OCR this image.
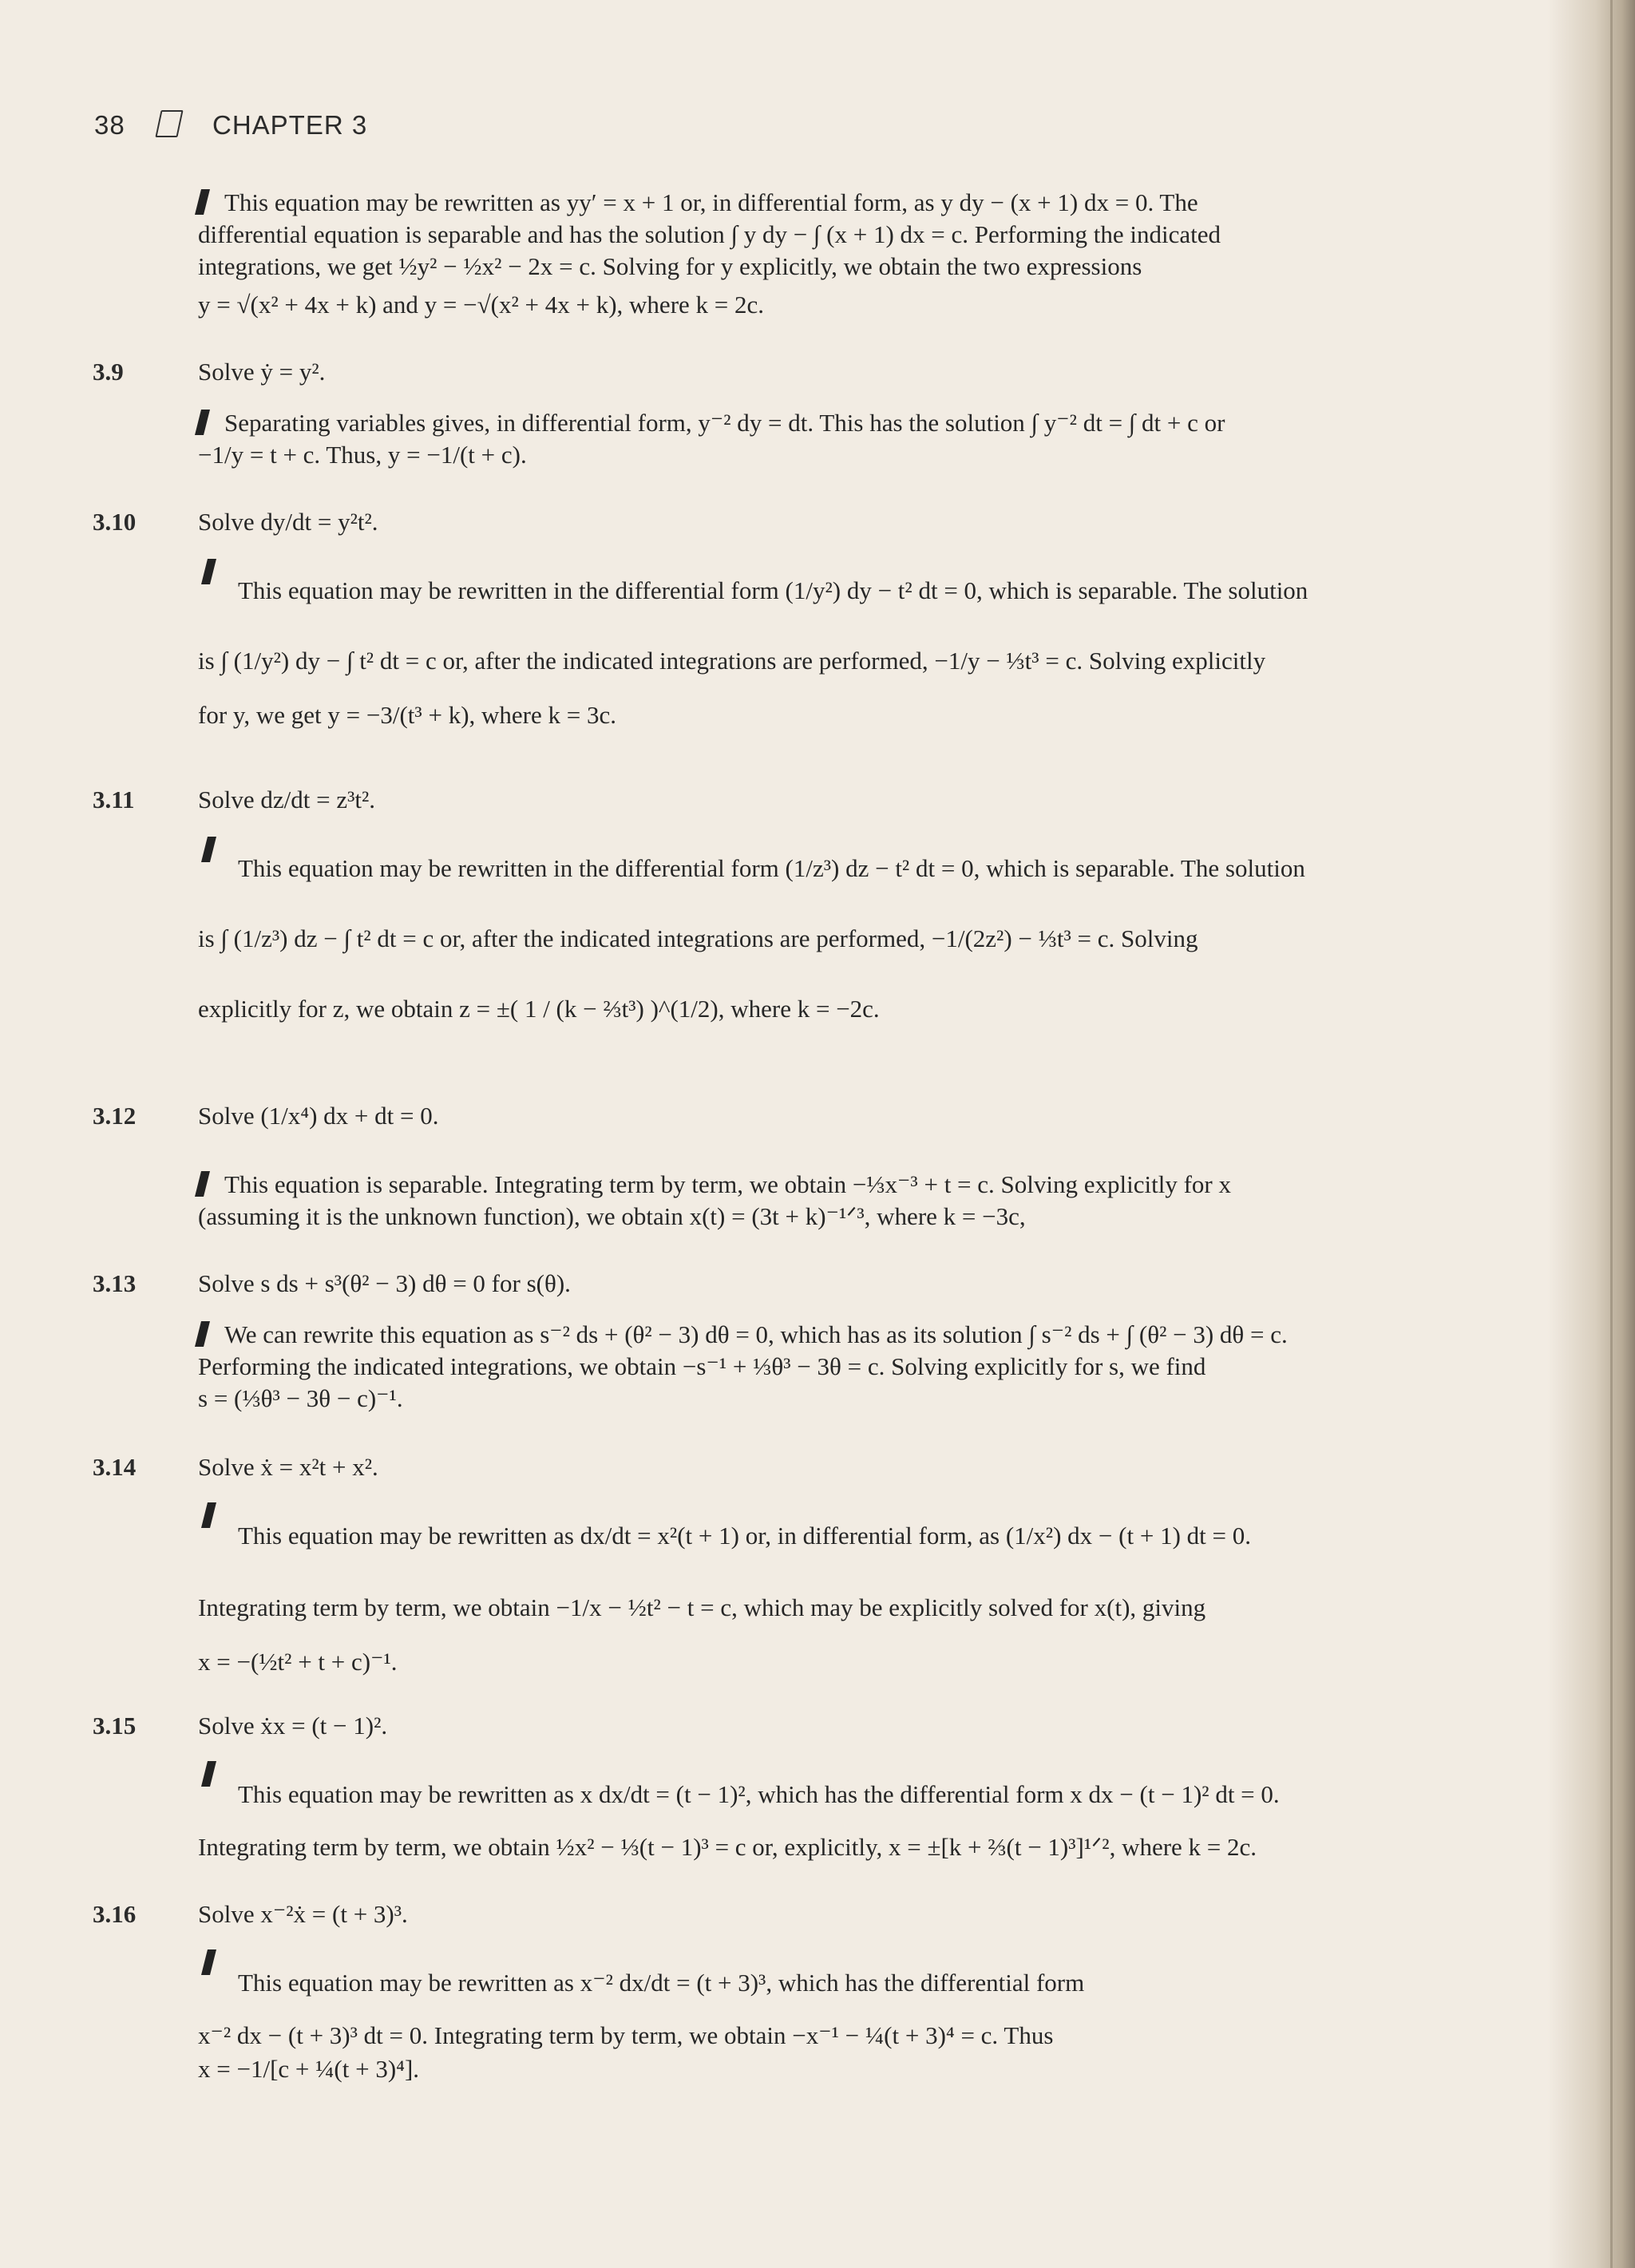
38	CHAPTER 3
This equation may be rewritten as yy′ = x + 1 or, in differential form, as y dy − (x + 1) dx = 0. The
differential equation is separable and has the solution ∫ y dy − ∫ (x + 1) dx = c. Performing the indicated
integrations, we get ½y² − ½x² − 2x = c. Solving for y explicitly, we obtain the two expressions
y = √(x² + 4x + k) and y = −√(x² + 4x + k), where k = 2c.
3.9	Solve ẏ = y².
Separating variables gives, in differential form, y⁻² dy = dt. This has the solution ∫ y⁻² dt = ∫ dt + c or
−1/y = t + c. Thus, y = −1/(t + c).
3.10	Solve dy/dt = y²t².
This equation may be rewritten in the differential form (1/y²) dy − t² dt = 0, which is separable. The solution
is ∫ (1/y²) dy − ∫ t² dt = c or, after the indicated integrations are performed, −1/y − ⅓t³ = c. Solving explicitly
for y, we get y = −3/(t³ + k), where k = 3c.
3.11	Solve dz/dt = z³t².
This equation may be rewritten in the differential form (1/z³) dz − t² dt = 0, which is separable. The solution
is ∫ (1/z³) dz − ∫ t² dt = c or, after the indicated integrations are performed, −1/(2z²) − ⅓t³ = c. Solving
explicitly for z, we obtain z = ±( 1 / (k − ⅔t³) )^(1/2), where k = −2c.
3.12	Solve (1/x⁴) dx + dt = 0.
This equation is separable. Integrating term by term, we obtain −⅓x⁻³ + t = c. Solving explicitly for x
(assuming it is the unknown function), we obtain x(t) = (3t + k)⁻¹ᐟ³, where k = −3c,
3.13	Solve s ds + s³(θ² − 3) dθ = 0 for s(θ).
We can rewrite this equation as s⁻² ds + (θ² − 3) dθ = 0, which has as its solution ∫ s⁻² ds + ∫ (θ² − 3) dθ = c.
Performing the indicated integrations, we obtain −s⁻¹ + ⅓θ³ − 3θ = c. Solving explicitly for s, we find
s = (⅓θ³ − 3θ − c)⁻¹.
3.14	Solve ẋ = x²t + x².
This equation may be rewritten as dx/dt = x²(t + 1) or, in differential form, as (1/x²) dx − (t + 1) dt = 0.
Integrating term by term, we obtain −1/x − ½t² − t = c, which may be explicitly solved for x(t), giving
x = −(½t² + t + c)⁻¹.
3.15	Solve ẋx = (t − 1)².
This equation may be rewritten as x dx/dt = (t − 1)², which has the differential form x dx − (t − 1)² dt = 0.
Integrating term by term, we obtain ½x² − ⅓(t − 1)³ = c or, explicitly, x = ±[k + ⅔(t − 1)³]¹ᐟ², where k = 2c.
3.16	Solve x⁻²ẋ = (t + 3)³.
This equation may be rewritten as x⁻² dx/dt = (t + 3)³, which has the differential form
x⁻² dx − (t + 3)³ dt = 0. Integrating term by term, we obtain −x⁻¹ − ¼(t + 3)⁴ = c. Thus
x = −1/[c + ¼(t + 3)⁴].
